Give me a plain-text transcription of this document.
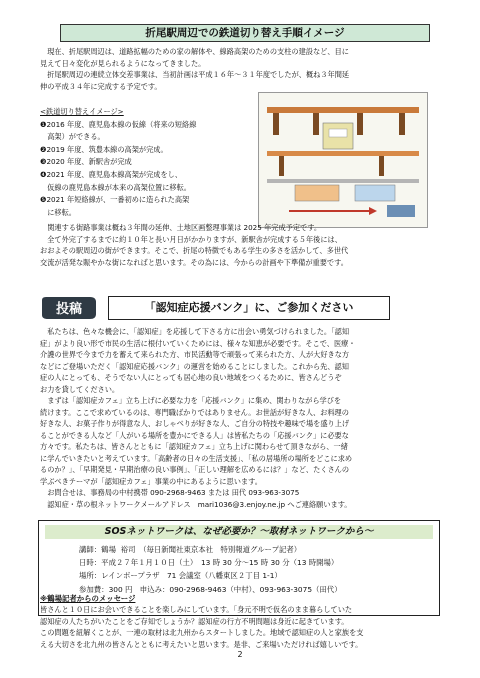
折尾駅周辺での鉄道切り替え手順イメージ

　現在、折尾駅周辺は、道路拡幅のための家の解体や、線路高架のための支柱の建設など、目に
見えて日々変化が見られるようになってきました。

　折尾駅周辺の連続立体交差事業は、当初計画は平成１６年～３１年度でしたが、概ね３年間延
伸の平成３４年に完成する予定です。

<鉄道切り替えイメージ>

❶2016 年度、鹿児島本線の仮線（将来の短絡線
　高架）ができる。

❷2019 年度、筑豊本線の高架が完成。

❸2020 年度、新駅舎が完成

❹2021 年度、鹿児島本線高架が完成をし、
　仮線の鹿児島本線が本来の高架位置に移転。

❺2021 年短絡線が、一番初めに造られた高架
　に移転。

　関連する街路事業は概ね３年間の延伸、土地区画整理事業は 2025 年完成予定です。
　全て外完了するまでに約１０年と長い月日がかかりますが、新駅舎が完成する５年後には、
おおよその駅周辺の街ができます。そこで、折尾の特徴でもある学生の多さを活かして、多世代
交流が活発な賑やかな街になればと思います。その為には、今からの計画や下準備が重要です。

投稿	「認知症応援バンク」に、ご参加ください

　私たちは、色々な機会に、「認知症」を応援して下さる方に出会い勇気づけられました。「認知
症」がより良い形で市民の生活に根付いていくためには、様々な知恵が必要です。そこで、医療・
介護の世界で今まで力を蓄えて来られた方、市民活動等で頑張って来られた方、人が大好きな方
などにご登場いただく「認知症応援バンク」の運営を始めることにしました。これから先、認知
症の人にとっても、そうでない人にとっても居心地の良い地域をつくるために、皆さんどうぞ
お力を貸してください。

　まずは「認知症カフェ」立ち上げに必要な力を「応援バンク」に集め、関わりながら学びを
続けます。ここで求めているのは、専門職ばかりではありません。お世話が好きな人、お料理の
好きな人、お菓子作りが得意な人、おしゃべりが好きな人、ご自分の特技や趣味で場を盛り上げ
ることができる人など「人がいる場所を豊かにできる人」は皆私たちの「応援バンク」に必要な
方々です。私たちは、皆さんとともに「認知症カフェ」立ち上げに関わらせて頂きながら、一緒
に学んでいきたいと考えています。「高齢者の日々の生活支援」、「私の居場所の場所をどこに求め
るのか？」、「早期発見・早期治療の良い事例」、「正しい理解を広めるには？」など、たくさんの
学ぶべきテーマが「認知症カフェ」事業の中にあるように思います。

　お問合せは、事務局の中村携帯 090-2968-9463 または 田代 093-963-3075

　認知症・草の根ネットワークメールアドレス　mari1036@3.enjoy.ne.jp へご連絡願います。

SOSネットワークは、なぜ必要か？～取材ネットワークから～

講師：鶴場  裕司　（毎日新聞社東京本社　特別報道グループ記者）

日時：平成２７年１月１０日（土）　13 時 30 分～15 時 30 分（13 時開場）

場所：レインボープラザ　71 会議室（八幡東区２丁目 1-1）

参加費：300 円　申込み：090-2968-9463（中村）、093-963-3075（田代）

※鶴場記者からのメッセージ

皆さんと１０日にお会いできることを楽しみにしています。「身元不明で仮名のまま暮らしていた
認知症の人たちがいたことをご存知でしょうか？認知症の行方不明問題は身近に起きています。
この問題を紐解くことが、一連の取材は北九州からスタートしました。地域で認知症の人と家族を支
える大切さを北九州の皆さんとともに考えたいと思います。是非、ご来場いただければ嬉しいです。

2
